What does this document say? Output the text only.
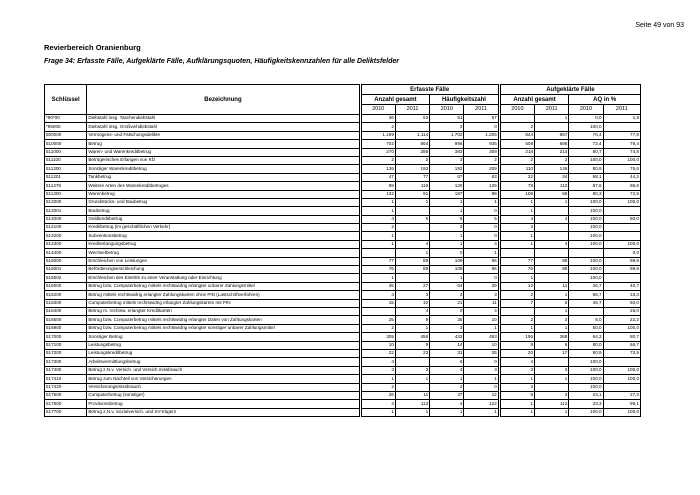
Seite 49 von 93
Revierbereich Oranienburg
Frage 34: Erfasste Fälle, Aufgeklärte Fälle, Aufklärungsquoten, Häufigkeitskennzahlen für alle Deliktsfelder
Schlüssel	Bezeichnung		Erfasste Fälle					Aufgeklärte Fälle			
			Anzahl gesamt		Häufigkeitszahl			Anzahl gesamt		AQ in %	
			2010	2011	2010	2011		2010	2011	2010	2011
*90*00	Diebstahl insg. Taschendiebstahl		36	53	51	57			1	0,0	1,9
*95000	Diebstahl insg. Großviehdiebstahl		2		3	0		2		100,0	
500000	Vermögens- und Fälschungsdelikte		1.199	1.114	1.702	1.205		844	867	70,4	77,8
510000	Betrug		702	864	996	935		508	686	72,4	79,4
511000	Waren- und Warenkreditbetrug		270	286	383	309		218	214	80,7	74,8
511100	Betrügerisches Erlangen von Kfz		2	2	3	2		2	2	100,0	100,0
511200	Sonstiger Warenkreditbetrug		136	193	193	209		110	146	80,9	75,6
511201	Tankbetrug		47	77	67	83		32	34	68,1	44,2
511279	Weitere Arten des Warenkreditbetruges		89	116	126	125		78	112	87,6	96,6
511300	Warenbetrug		132	91	187	98		106	66	80,3	72,5
512000	Grundstücks- und Baubetrug		1	1	1	1		1	1	100,0	100,0
512001	Baubetrug		1		1	0		1		100,0	
514000	Geldkreditbetrug		4	5	6	5		4	4	100,0	80,0
514100	Kreditbetrug (im geschäftlichen Verkehr)		2		3	0		2		100,0	
514200	Subventionsbetrug		1		1	0		1		100,0	
514300	Krediterlangungsbetrug		1	4	1	4		1	4	100,0	100,0
514400	Wechselbetrug			1	0	1					0,0
515000	Erschleichen von Leistungen		77	89	109	96		77	88	100,0	98,9
515001	Beförderungserschleichung		76	89	108	96		76	88	100,0	98,9
515002	Erschleichen des Eintritts zu einer Veranstaltung oder Einrichtung		1		1	0		1		100,0	
516000	Betrug bzw. Computerbetrug mittels rechtswidrig erlangter unbarer Zahlungsmittel		45	27	64	29		12	11	26,7	40,7
516200	Betrug mittels rechtswidrig erlangter Zahlungskarten ohne PIN (Lastschriftverfahren)		3	3	4	3		2	1	66,7	33,3
516300	Computerbetrug mittels rechtswidrig erlangter Zahlungskarten mit PIN		15	10	21	11		7	6	46,7	60,0
516400	Betrug m. rechtsw. erlangter Kreditkarten			4	0	4			1		25,0
516500	Betrug bzw. Computerbetrug mittels rechtswidrig erlangter Daten von Zahlungskarten		25	9	35	10		2	2	8,0	22,2
516900	Betrug bzw. Computerbetrug mittels rechtswidrig erlangter sonstiger unbarer Zahlungsmittel		2	1	3	1		1	1	50,0	100,0
517000	Sonstiger Betrug		305	456	433	493		196	368	64,3	80,7
517100	Leistungsbetrug		10	9	14	10		8	6	80,0	66,7
517200	Leistungskreditbetrug		22	23	31	25		20	17	90,9	73,9
517300	Arbeitsvermittlungsbetrug		4		6	0		4		100,0	
517400	Betrug z.N.v. Versich. und Versich.missbrauch		3	3	4	3		3	3	100,0	100,0
517410	Betrug zum Nachteil von Versicherungen		1	1	1	1		1	1	100,0	100,0
517420	Versicherungsmissbrauch		2		2	0		2		100,0	
517500	Computerbetrug (sonstiger)		26	11	37	12		6	3	23,1	27,3
517600	Provisionsbetrug		3	113	4	122		1	112	33,3	99,1
517700	Betrug z.N.v. Sozialversich. und SV-trägern		1	1	1	1		1	1	100,0	100,0
